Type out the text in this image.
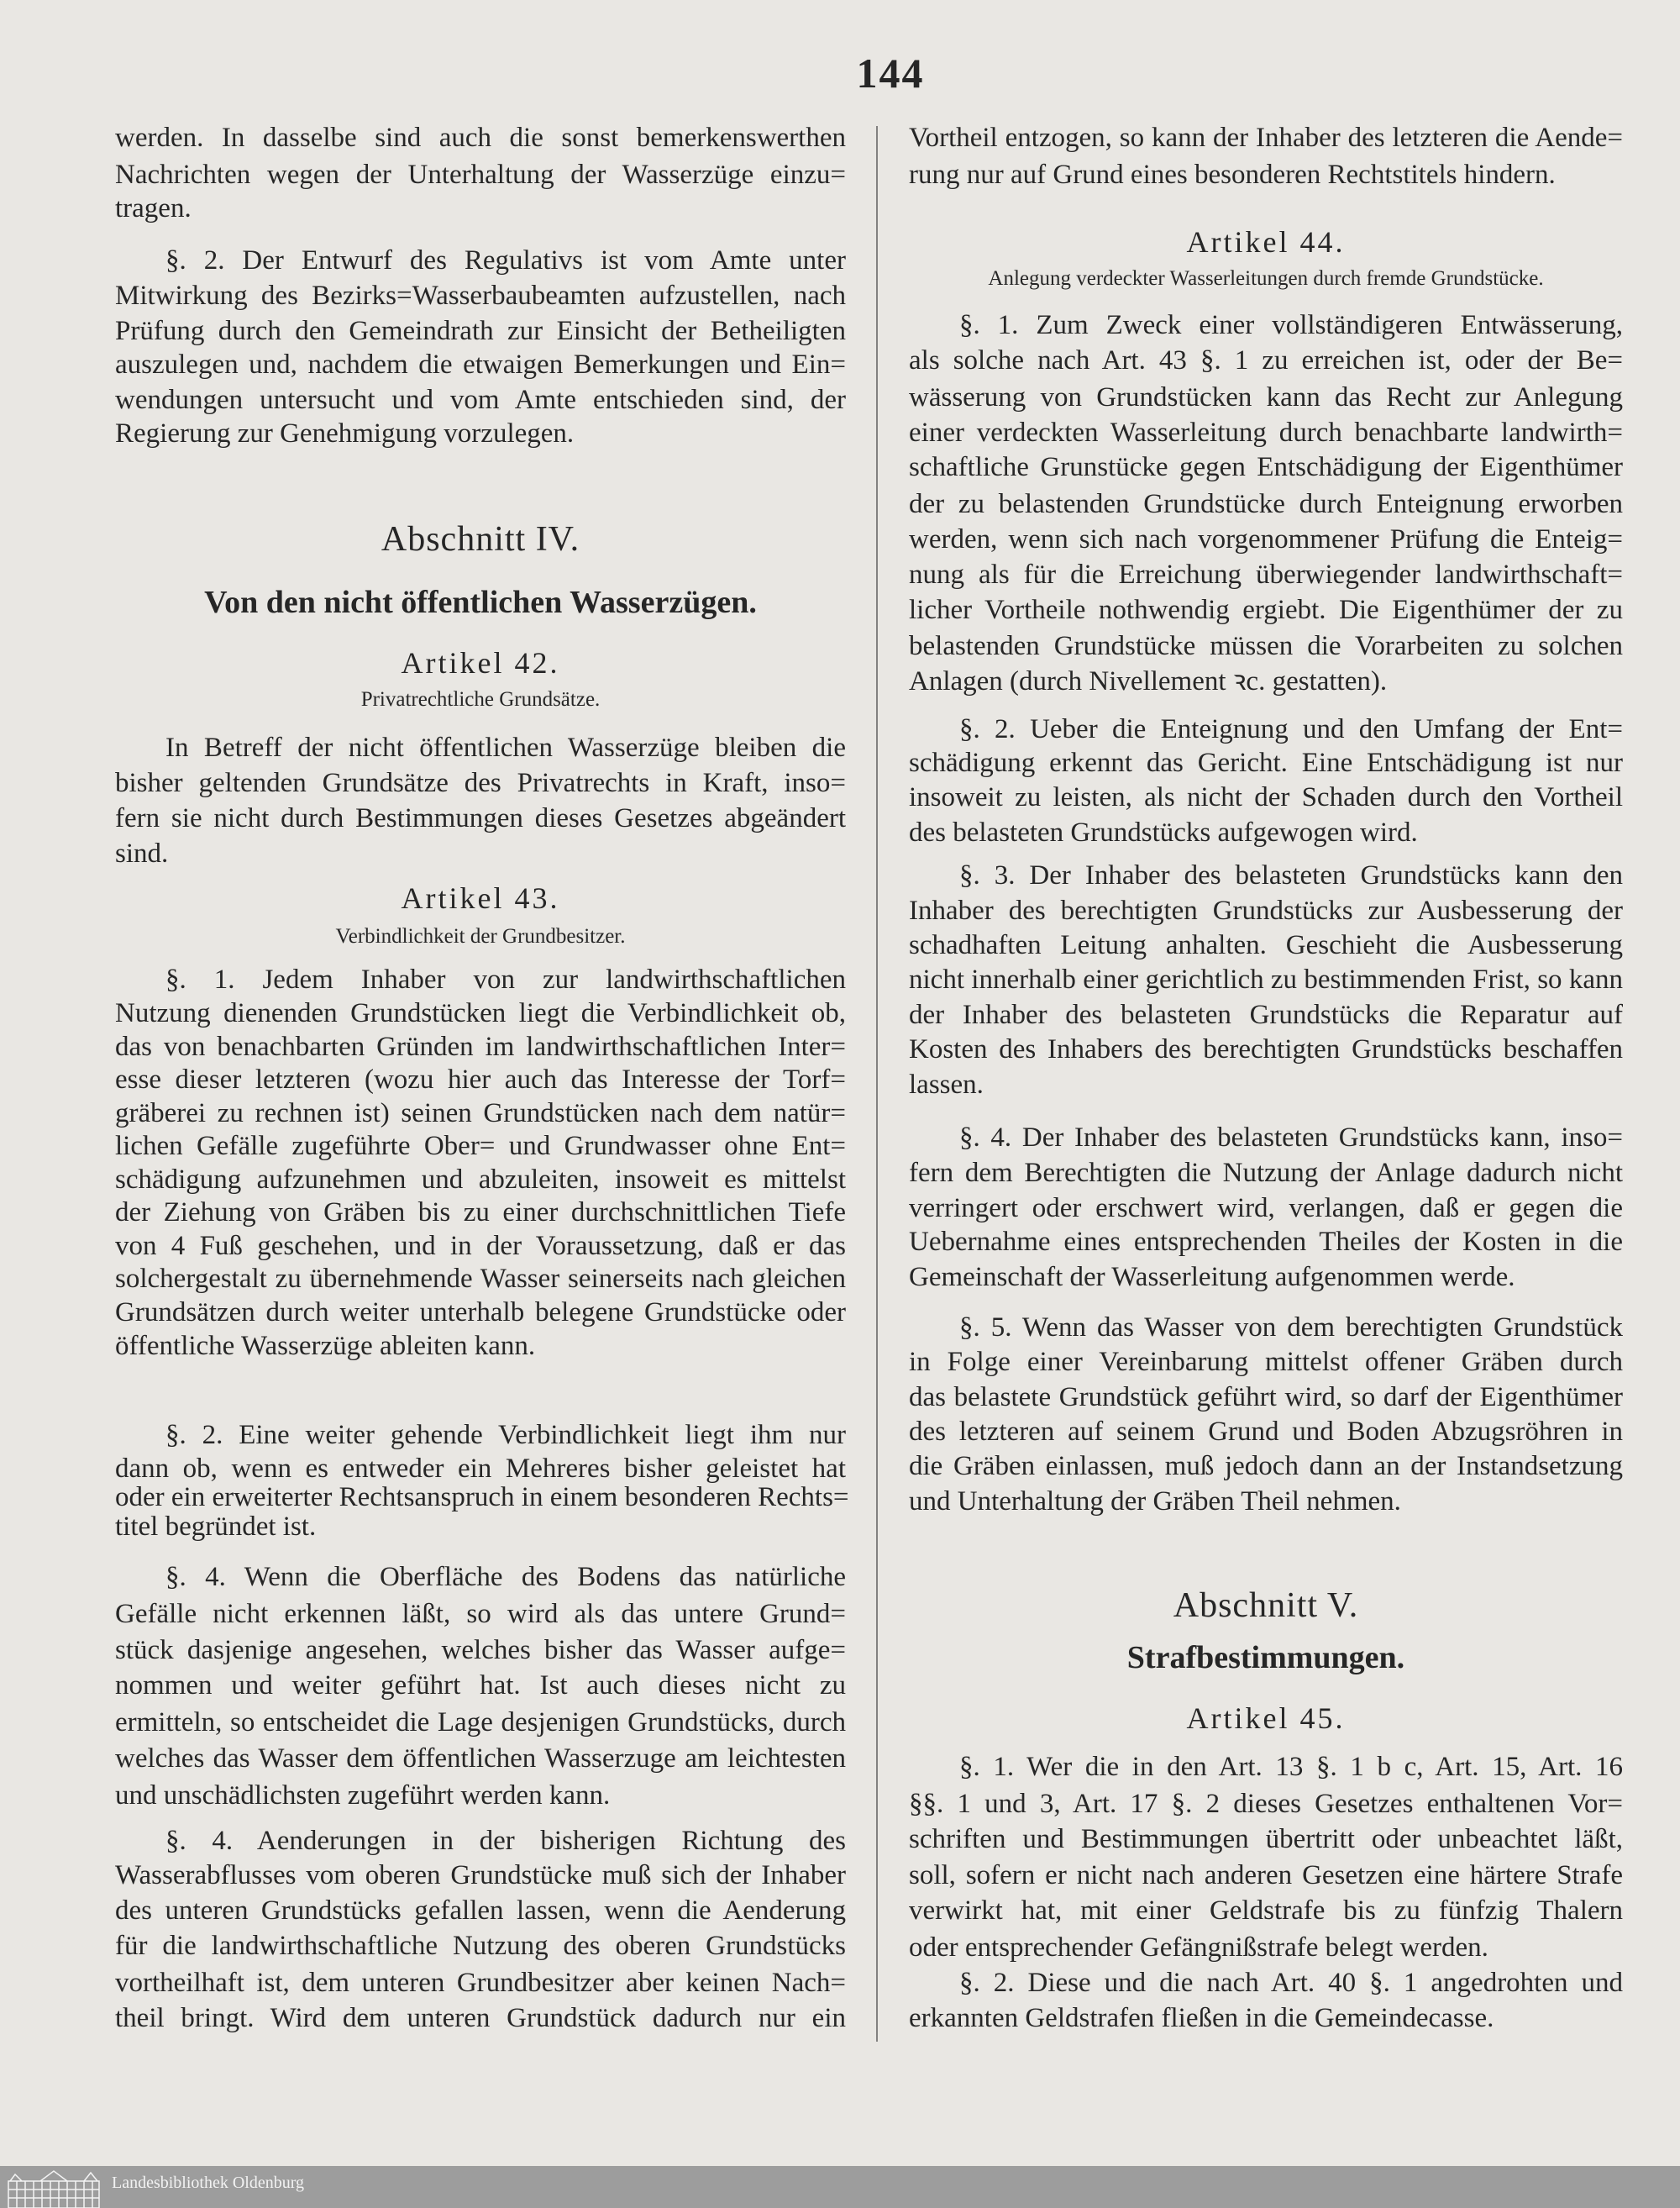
144
werden. In dasselbe sind auch die sonst bemerkenswerthen
Nachrichten wegen der Unterhaltung der Wasserzüge einzu=
tragen.
§. 2. Der Entwurf des Regulativs ist vom Amte unter
Mitwirkung des Bezirks=Wasserbaubeamten aufzustellen, nach
Prüfung durch den Gemeindrath zur Einsicht der Betheiligten
auszulegen und, nachdem die etwaigen Bemerkungen und Ein=
wendungen untersucht und vom Amte entschieden sind, der
Regierung zur Genehmigung vorzulegen.
Abschnitt IV.
Von den nicht öffentlichen Wasserzügen.
Artikel 42.
Privatrechtliche Grundsätze.
In Betreff der nicht öffentlichen Wasserzüge bleiben die
bisher geltenden Grundsätze des Privatrechts in Kraft, inso=
fern sie nicht durch Bestimmungen dieses Gesetzes abgeändert
sind.
Artikel 43.
Verbindlichkeit der Grundbesitzer.
§. 1. Jedem Inhaber von zur landwirthschaftlichen
Nutzung dienenden Grundstücken liegt die Verbindlichkeit ob,
das von benachbarten Gründen im landwirthschaftlichen Inter=
esse dieser letzteren (wozu hier auch das Interesse der Torf=
gräberei zu rechnen ist) seinen Grundstücken nach dem natür=
lichen Gefälle zugeführte Ober= und Grundwasser ohne Ent=
schädigung aufzunehmen und abzuleiten, insoweit es mittelst
der Ziehung von Gräben bis zu einer durchschnittlichen Tiefe
von 4 Fuß geschehen, und in der Voraussetzung, daß er das
solchergestalt zu übernehmende Wasser seinerseits nach gleichen
Grundsätzen durch weiter unterhalb belegene Grundstücke oder
öffentliche Wasserzüge ableiten kann.
§. 2. Eine weiter gehende Verbindlichkeit liegt ihm nur
dann ob, wenn es entweder ein Mehreres bisher geleistet hat
oder ein erweiterter Rechtsanspruch in einem besonderen Rechts=
titel begründet ist.
§. 4. Wenn die Oberfläche des Bodens das natürliche
Gefälle nicht erkennen läßt, so wird als das untere Grund=
stück dasjenige angesehen, welches bisher das Wasser aufge=
nommen und weiter geführt hat. Ist auch dieses nicht zu
ermitteln, so entscheidet die Lage desjenigen Grundstücks, durch
welches das Wasser dem öffentlichen Wasserzuge am leichtesten
und unschädlichsten zugeführt werden kann.
§. 4. Aenderungen in der bisherigen Richtung des
Wasserabflusses vom oberen Grundstücke muß sich der Inhaber
des unteren Grundstücks gefallen lassen, wenn die Aenderung
für die landwirthschaftliche Nutzung des oberen Grundstücks
vortheilhaft ist, dem unteren Grundbesitzer aber keinen Nach=
theil bringt. Wird dem unteren Grundstück dadurch nur ein
Vortheil entzogen, so kann der Inhaber des letzteren die Aende=
rung nur auf Grund eines besonderen Rechtstitels hindern.
Artikel 44.
Anlegung verdeckter Wasserleitungen durch fremde Grundstücke.
§. 1. Zum Zweck einer vollständigeren Entwässerung,
als solche nach Art. 43 §. 1 zu erreichen ist, oder der Be=
wässerung von Grundstücken kann das Recht zur Anlegung
einer verdeckten Wasserleitung durch benachbarte landwirth=
schaftliche Grunstücke gegen Entschädigung der Eigenthümer
der zu belastenden Grundstücke durch Enteignung erworben
werden, wenn sich nach vorgenommener Prüfung die Enteig=
nung als für die Erreichung überwiegender landwirthschaft=
licher Vortheile nothwendig ergiebt. Die Eigenthümer der zu
belastenden Grundstücke müssen die Vorarbeiten zu solchen
Anlagen (durch Nivellement ꝛc. gestatten).
§. 2. Ueber die Enteignung und den Umfang der Ent=
schädigung erkennt das Gericht. Eine Entschädigung ist nur
insoweit zu leisten, als nicht der Schaden durch den Vortheil
des belasteten Grundstücks aufgewogen wird.
§. 3. Der Inhaber des belasteten Grundstücks kann den
Inhaber des berechtigten Grundstücks zur Ausbesserung der
schadhaften Leitung anhalten. Geschieht die Ausbesserung
nicht innerhalb einer gerichtlich zu bestimmenden Frist, so kann
der Inhaber des belasteten Grundstücks die Reparatur auf
Kosten des Inhabers des berechtigten Grundstücks beschaffen
lassen.
§. 4. Der Inhaber des belasteten Grundstücks kann, inso=
fern dem Berechtigten die Nutzung der Anlage dadurch nicht
verringert oder erschwert wird, verlangen, daß er gegen die
Uebernahme eines entsprechenden Theiles der Kosten in die
Gemeinschaft der Wasserleitung aufgenommen werde.
§. 5. Wenn das Wasser von dem berechtigten Grundstück
in Folge einer Vereinbarung mittelst offener Gräben durch
das belastete Grundstück geführt wird, so darf der Eigenthümer
des letzteren auf seinem Grund und Boden Abzugsröhren in
die Gräben einlassen, muß jedoch dann an der Instandsetzung
und Unterhaltung der Gräben Theil nehmen.
Abschnitt V.
Strafbestimmungen.
Artikel 45.
§. 1. Wer die in den Art. 13 §. 1 b c, Art. 15, Art. 16
§§. 1 und 3, Art. 17 §. 2 dieses Gesetzes enthaltenen Vor=
schriften und Bestimmungen übertritt oder unbeachtet läßt,
soll, sofern er nicht nach anderen Gesetzen eine härtere Strafe
verwirkt hat, mit einer Geldstrafe bis zu fünfzig Thalern
oder entsprechender Gefängnißstrafe belegt werden.
§. 2. Diese und die nach Art. 40 §. 1 angedrohten und
erkannten Geldstrafen fließen in die Gemeindecasse.
Landesbibliothek Oldenburg
